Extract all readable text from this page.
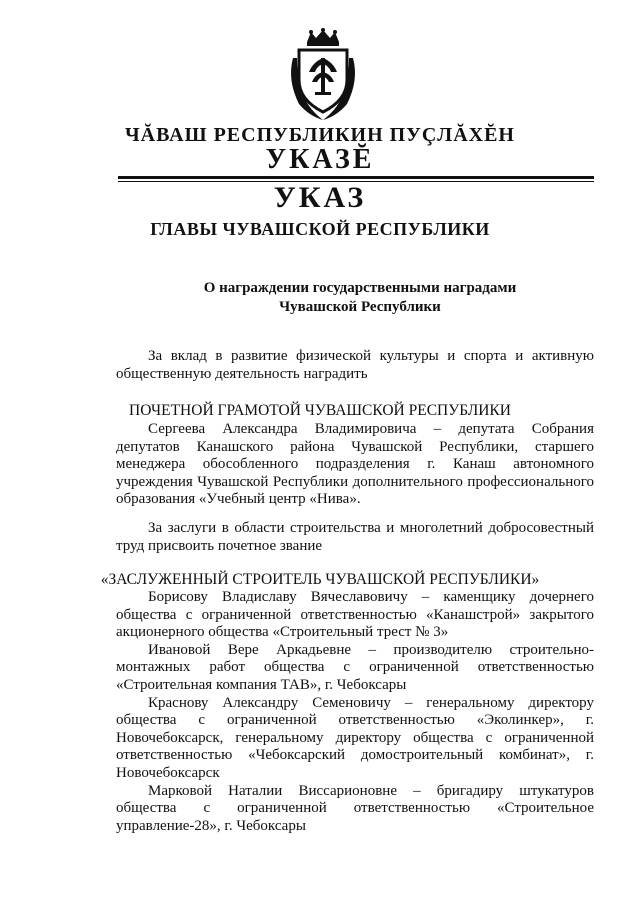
ЧĂВАШ РЕСПУБЛИКИН ПУÇЛĂХĔН
УКАЗĔ
УКАЗ
ГЛАВЫ ЧУВАШСКОЙ РЕСПУБЛИКИ
О награждении государственными наградами
Чувашской Республики

За вклад в развитие физической культуры и спорта и активную общественную деятельность наградить

ПОЧЕТНОЙ ГРАМОТОЙ ЧУВАШСКОЙ РЕСПУБЛИКИ

Сергеева Александра Владимировича – депутата Собрания депутатов Канашского района Чувашской Республики, старшего менеджера обособленного подразделения г. Канаш автономного учреждения Чувашской Республики дополнительного профессионального образования «Учебный центр «Нива».

За заслуги в области строительства и многолетний добросовестный труд присвоить почетное звание

«ЗАСЛУЖЕННЫЙ СТРОИТЕЛЬ ЧУВАШСКОЙ РЕСПУБЛИКИ»

Борисову Владиславу Вячеславовичу – каменщику дочернего общества с ограниченной ответственностью «Канашстрой» закрытого акционерного общества «Строительный трест № 3»

Ивановой Вере Аркадьевне – производителю строительно-монтажных работ общества с ограниченной ответственностью «Строительная компания ТАВ», г. Чебоксары

Краснову Александру Семеновичу – генеральному директору общества с ограниченной ответственностью «Эколинкер», г. Новочебоксарск, генеральному директору общества с ограниченной ответственностью «Чебоксарский домостроительный комбинат», г. Новочебоксарск

Марковой Наталии Виссарионовне – бригадиру штукатуров общества с ограниченной ответственностью «Строительное управление-28», г. Чебоксары
